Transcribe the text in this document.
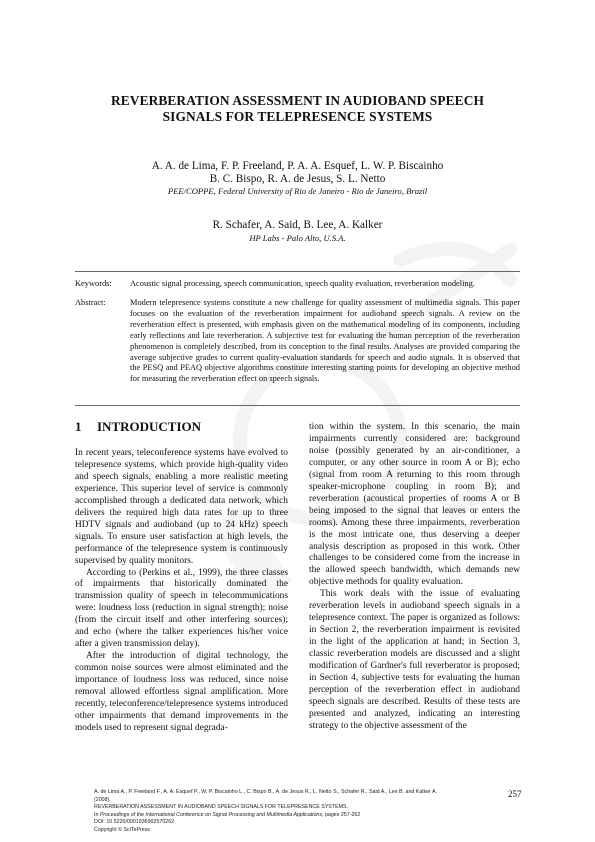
REVERBERATION ASSESSMENT IN AUDIOBAND SPEECH
SIGNALS FOR TELEPRESENCE SYSTEMS
A. A. de Lima, F. P. Freeland, P. A. A. Esquef, L. W. P. Biscainho
B. C. Bispo, R. A. de Jesus, S. L. Netto
PEE/COPPE, Federal University of Rio de Janeiro - Rio de Janeiro, Brazil
R. Schafer, A. Said, B. Lee, A. Kalker
HP Labs - Palo Alto, U.S.A.
Keywords: Acoustic signal processing, speech communication, speech quality evaluation, reverberation modeling.
Abstract:	Modern telepresence systems constitute a new challenge for quality assessment of multimedia signals. This paper focuses on the evaluation of the reverberation impairment for audioband speech signals. A review on the reverberation effect is presented, with emphasis given on the mathematical modeling of its components, including early reflections and late reverberation. A subjective test for evaluating the human perception of the reverberation phenomenon is completely described, from its conception to the final results. Analyses are provided comparing the average subjective grades to current quality-evaluation standards for speech and audio signals. It is observed that the PESQ and PEAQ objective algorithms constitute interesting starting points for developing an objective method for measuring the reverberation effect on speech signals.
1 INTRODUCTION

In recent years, teleconference systems have evolved to telepresence systems, which provide high-quality video and speech signals, enabling a more realistic meeting experience. This superior level of service is commonly accomplished through a dedicated data network, which delivers the required high data rates for up to three HDTV signals and audioband (up to 24 kHz) speech signals. To ensure user satisfaction at high levels, the performance of the telepresence system is continuously supervised by quality monitors.

According to (Perkins et al., 1999), the three classes of impairments that historically dominated the transmission quality of speech in telecommunications were: loudness loss (reduction in signal strength); noise (from the circuit itself and other interfering sources); and echo (where the talker experiences his/her voice after a given transmission delay).

After the introduction of digital technology, the common noise sources were almost eliminated and the importance of loudness loss was reduced, since noise removal allowed effortless signal amplification. More recently, teleconference/telepresence systems introduced other impairments that demand improvements in the models used to represent signal degrada-

tion within the system. In this scenario, the main impairments currently considered are: background noise (possibly generated by an air-conditioner, a computer, or any other source in room A or B); echo (signal from room A returning to this room through speaker-microphone coupling in room B); and reverberation (acoustical properties of rooms A or B being imposed to the signal that leaves or enters the rooms). Among these three impairments, reverberation is the most intricate one, thus deserving a deeper analysis description as proposed in this work. Other challenges to be considered come from the increase in the allowed speech bandwidth, which demands new objective methods for quality evaluation.

This work deals with the issue of evaluating reverberation levels in audioband speech signals in a telepresence context. The paper is organized as follows: in Section 2, the reverberation impairment is revisited in the light of the application at hand; in Section 3, classic reverberation models are discussed and a slight modification of Gardner's full reverberator is proposed; in Section 4, subjective tests for evaluating the human perception of the reverberation effect in audioband speech signals are described. Results of these tests are presented and analyzed, indicating an interesting strategy to the objective assessment of the

A. de Lima A., P. Freeland F., A. A. Esquef P., W. P. Biscainho L., C. Bispo B., A. de Jesus R., L. Netto S., Schafer R., Said A., Lee B. and Kalker A.
(2008).
REVERBERATION ASSESSMENT IN AUDIOBAND SPEECH SIGNALS FOR TELEPRESENCE SYSTEMS.
In Proceedings of the International Conference on Signal Processing and Multimedia Applications, pages 257-262
DOI: 10.5220/0001936902570262
Copyright © SciTePress
257
